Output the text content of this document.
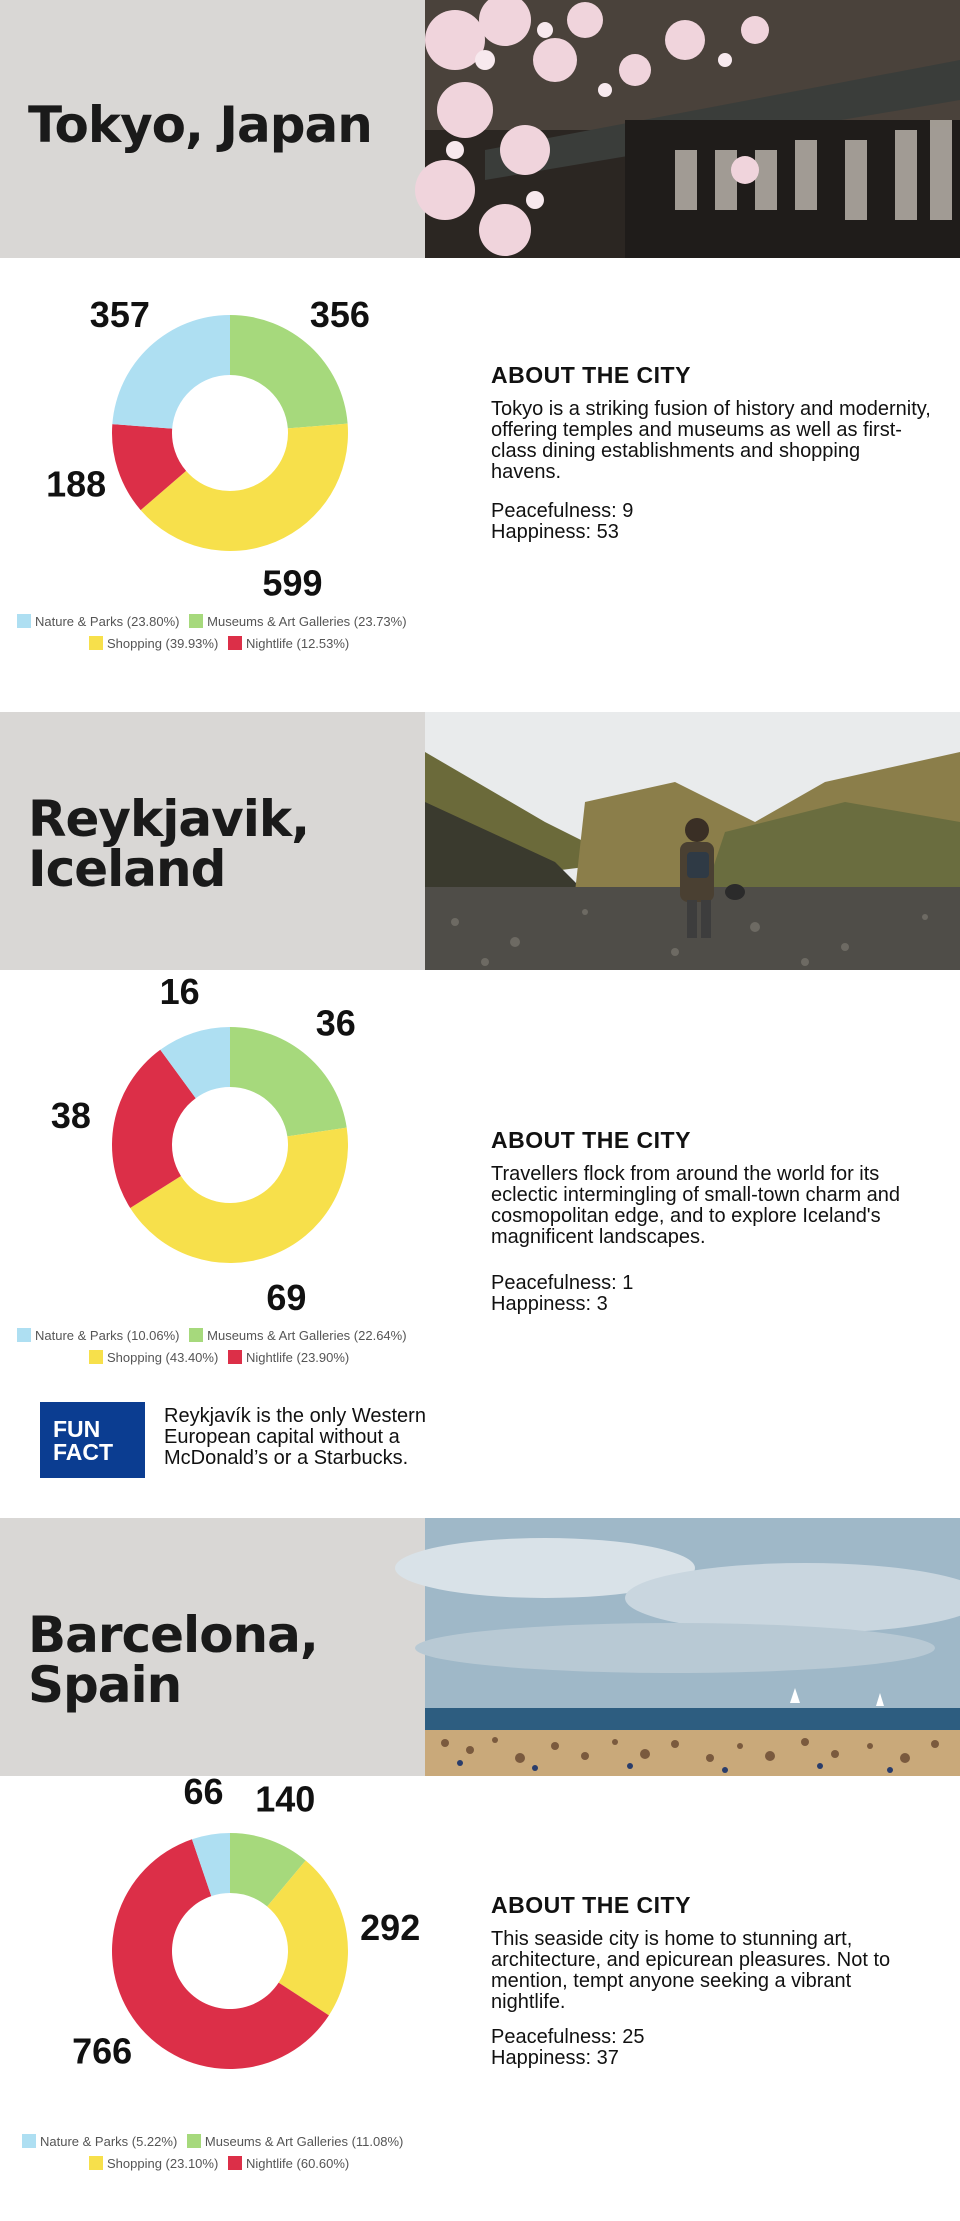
Tokyo, Japan
356
599
188
357
Nature & Parks (23.80%) Museums & Art Galleries (23.73%)
Shopping (39.93%) Nightlife (12.53%)
ABOUT THE CITY
Tokyo is a striking fusion of history and modernity, offering temples and museums as well as first-class dining establishments and shopping havens.
Peacefulness: 9
Happiness: 53
Reykjavik,
Iceland
36
69
38
16
Nature & Parks (10.06%) Museums & Art Galleries (22.64%)
Shopping (43.40%) Nightlife (23.90%)
ABOUT THE CITY
Travellers flock from around the world for its eclectic intermingling of small-town charm and cosmopolitan edge, and to explore Iceland's magnificent landscapes.
Peacefulness: 1
Happiness: 3
FUN
FACT
Reykjavík is the only Western European capital without a McDonald’s or a Starbucks.
Barcelona,
Spain
140
292
766
66
Nature & Parks (5.22%) Museums & Art Galleries (11.08%)
Shopping (23.10%) Nightlife (60.60%)
ABOUT THE CITY
This seaside city is home to stunning art, architecture, and epicurean pleasures. Not to mention, tempt anyone seeking a vibrant nightlife.
Peacefulness: 25
Happiness: 37
